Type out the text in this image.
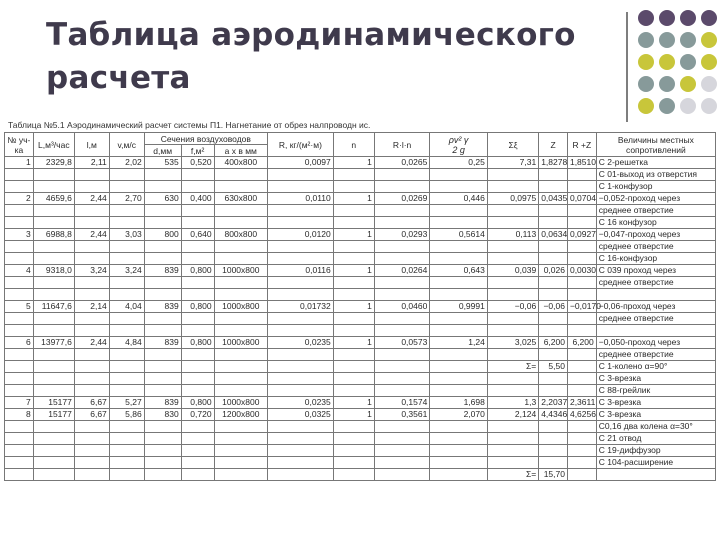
Таблица аэродинамического
расчета
Таблица №5.1 Аэродинамический расчет системы П1. Нагнетание от обрез налпроводн ис.
№ уч-ка	L,м³/час	l,м	v,м/с	Сечения воздуховодов			R, кг/(м²·м)	n	R·l·n	ρv² γ
2 g	Σξ	Z	R +Z	Величины местных сопротивлений
				d,мм	f,м²	а х в мм								
1	2329,8	2,11	2,02	535	0,520	400x800	0,0097	1	0,0265	0,25	7,31	1,8278	1,8510	С 2-решетка
														С 01-выход из отверстия
														С 1-конфузор
2	4659,6	2,44	2,70	630	0,400	630x800	0,0110	1	0,0269	0,446	0,0975	0,0435	0,0704	−0,052-проход через
														среднее отверстие
														С 16 конфузор
3	6988,8	2,44	3,03	800	0,640	800x800	0,0120	1	0,0293	0,5614	0,113	0,0634	0,0927	−0,047-проход через
														среднее отверстие
														С 16-конфузор
4	9318,0	3,24	3,24	839	0,800	1000x800	0,0116	1	0,0264	0,643	0,039	0,026	0,0030	С 039 проход через
														среднее отверстие

5	11647,6	2,14	4,04	839	0,800	1000x800	0,01732	1	0,0460	0,9991	−0,06	−0,06	−0,0170	−0,06-проход через
														среднее отверстие

6	13977,6	2,44	4,84	839	0,800	1000x800	0,0235	1	0,0573	1,24	3,025	6,200	6,200	−0,050-проход через
														среднее отверстие
											Σ=	5,50		С 1-колено α=90°
														С 3-врезка
														С 88-грейлик
7	15177	6,67	5,27	839	0,800	1000x800	0,0235	1	0,1574	1,698	1,3	2,2037	2,3611	С 3-врезка
8	15177	6,67	5,86	830	0,720	1200x800	0,0325	1	0,3561	2,070	2,124	4,4346	4,6256	С 3-врезка
														С0,16 два колена α=30°
														С 21 отвод
														С 19-диффузор
														С 104-расширение
											Σ=	15,70		
